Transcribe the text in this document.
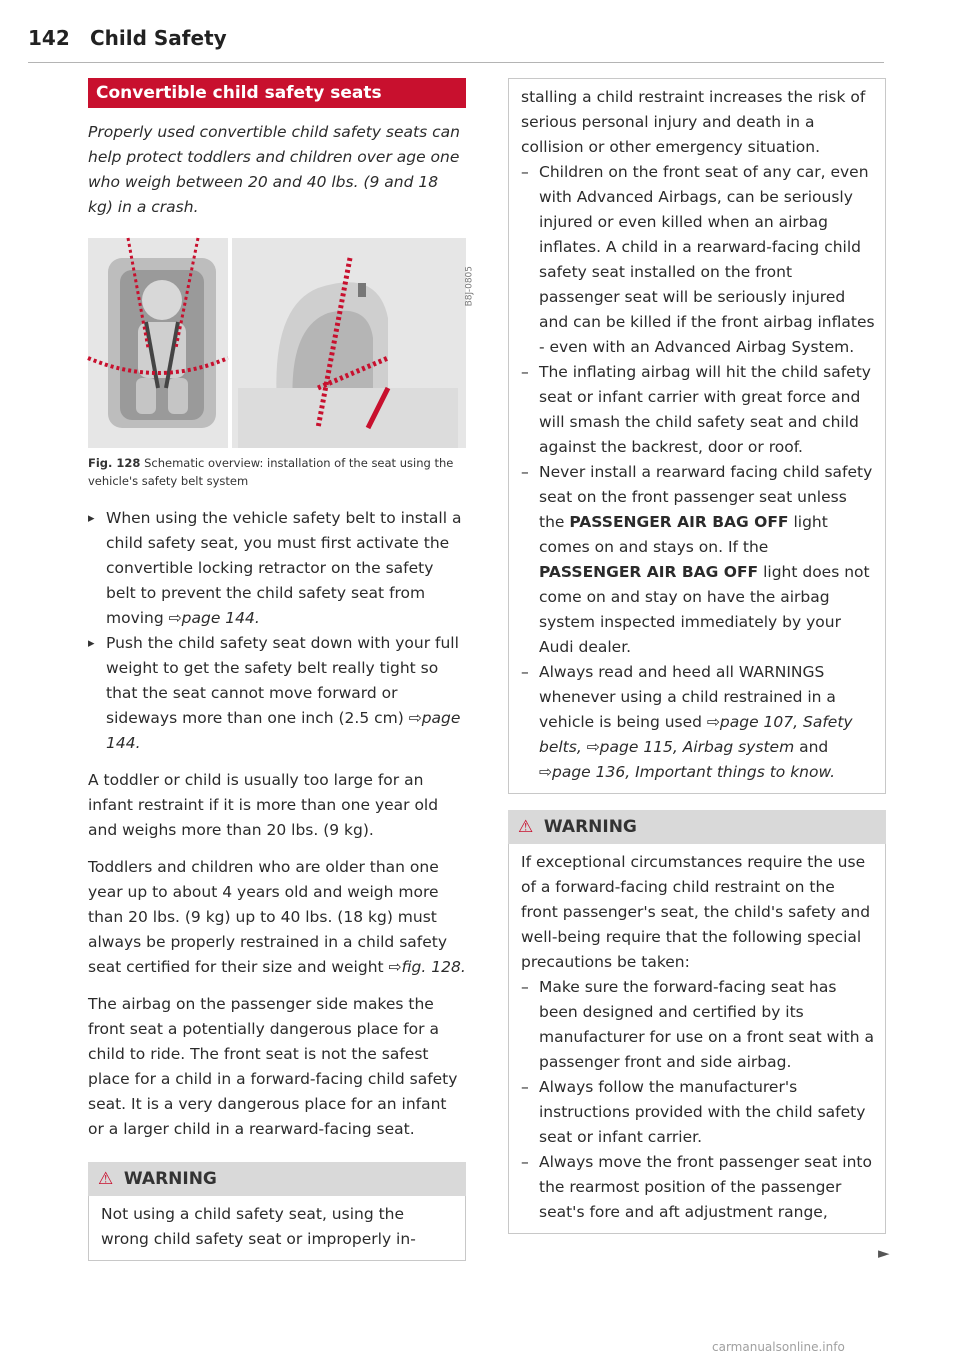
142 Child Safety
Convertible child safety seats

Properly used convertible child safety seats can help protect toddlers and children over age one who weigh between 20 and 40 lbs. (9 and 18 kg) in a crash.

B8J-0805
Fig. 128 Schematic overview: installation of the seat using the vehicle's safety belt system
▸ When using the vehicle safety belt to install a child safety seat, you must first activate the convertible locking retractor on the safety belt to prevent the child safety seat from moving ⇨page 144.
▸ Push the child safety seat down with your full weight to get the safety belt really tight so that the seat cannot move forward or sideways more than one inch (2.5 cm) ⇨page 144.

A toddler or child is usually too large for an infant restraint if it is more than one year old and weighs more than 20 lbs. (9 kg).

Toddlers and children who are older than one year up to about 4 years old and weigh more than 20 lbs. (9 kg) up to 40 lbs. (18 kg) must always be properly restrained in a child safety seat certified for their size and weight ⇨fig. 128.

The airbag on the passenger side makes the front seat a potentially dangerous place for a child to ride. The front seat is not the safest place for a child in a forward-facing child safety seat. It is a very dangerous place for an infant or a larger child in a rearward-facing seat.

⚠ WARNING

Not using a child safety seat, using the wrong child safety seat or improperly in-

stalling a child restraint increases the risk of serious personal injury and death in a collision or other emergency situation.

– Children on the front seat of any car, even with Advanced Airbags, can be seriously injured or even killed when an airbag inflates. A child in a rearward-facing child safety seat installed on the front passenger seat will be seriously injured and can be killed if the front airbag inflates - even with an Advanced Airbag System.
– The inflating airbag will hit the child safety seat or infant carrier with great force and will smash the child safety seat and child against the backrest, door or roof.
– Never install a rearward facing child safety seat on the front passenger seat unless the PASSENGER AIR BAG OFF light comes on and stays on. If the PASSENGER AIR BAG OFF light does not come on and stay on have the airbag system inspected immediately by your Audi dealer.
– Always read and heed all WARNINGS whenever using a child restrained in a vehicle is being used ⇨page 107, Safety belts, ⇨page 115, Airbag system and ⇨page 136, Important things to know.
⚠ WARNING

If exceptional circumstances require the use of a forward-facing child restraint on the front passenger's seat, the child's safety and well-being require that the following special precautions be taken:

– Make sure the forward-facing seat has been designed and certified by its manufacturer for use on a front seat with a passenger front and side airbag.
– Always follow the manufacturer's instructions provided with the child safety seat or infant carrier.
– Always move the front passenger seat into the rearmost position of the passenger seat's fore and aft adjustment range,
►
carmanualsonline.info
